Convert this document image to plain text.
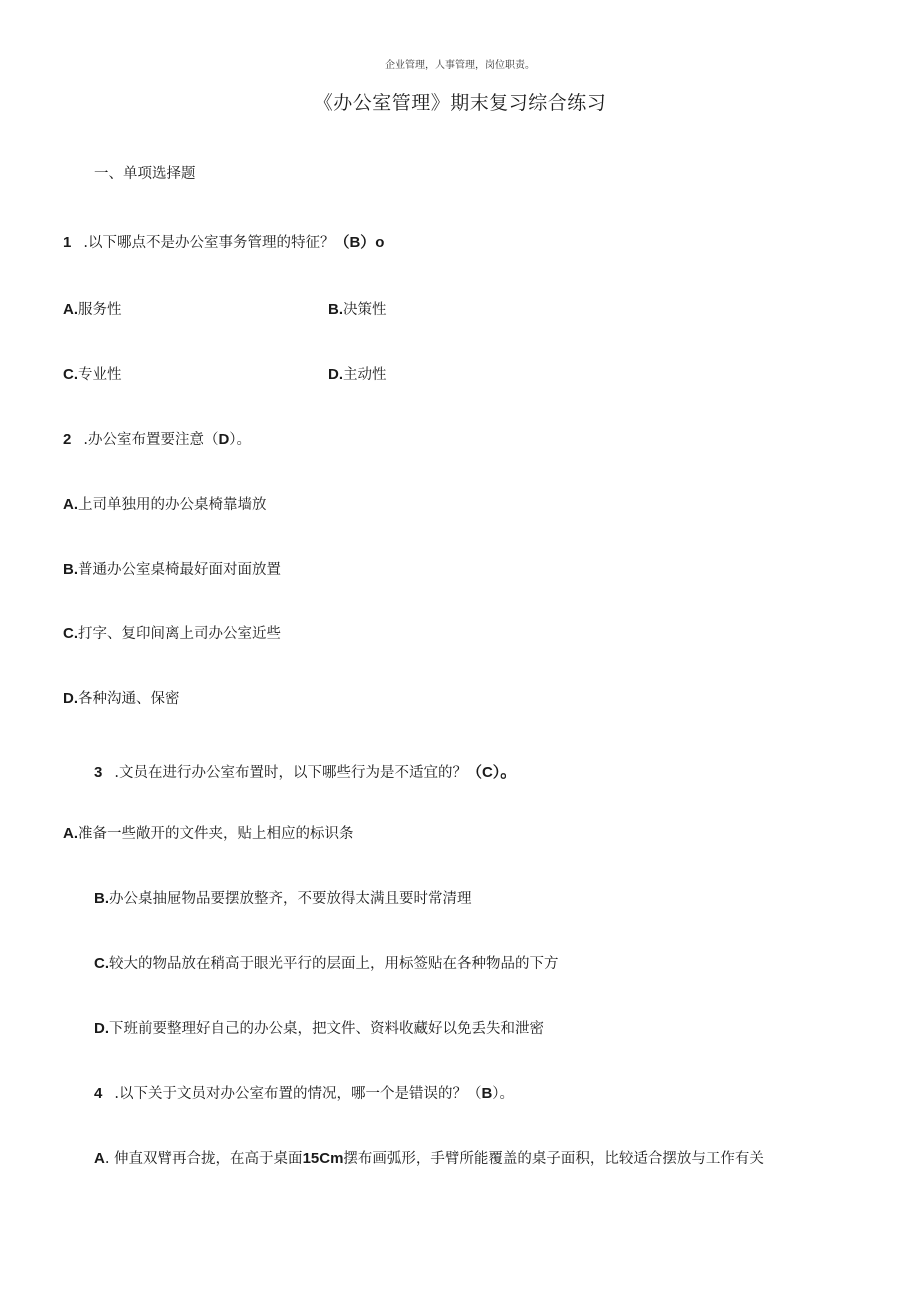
企业管理，人事管理，岗位职责。
《办公室管理》期末复习综合练习
一、单项选择题
1 .以下哪点不是办公室事务管理的特征？（B）o
A.服务性	B.决策性
C.专业性	D.主动性
2 .办公室布置要注意（D）。
A.上司单独用的办公桌椅靠墙放
B.普通办公室桌椅最好面对面放置
C.打字、复印间离上司办公室近些
D.各种沟通、保密
3 .文员在进行办公室布置时，以下哪些行为是不适宜的？（C）。
A.准备一些敞开的文件夹，贴上相应的标识条
B.办公桌抽屉物品要摆放整齐，不要放得太满且要时常清理
C.较大的物品放在稍高于眼光平行的层面上，用标签贴在各种物品的下方
D.下班前要整理好自己的办公桌，把文件、资料收藏好以免丢失和泄密
4 .以下关于文员对办公室布置的情况，哪一个是错误的？（B）。
A. 伸直双臂再合拢，在高于桌面15Cm摆布画弧形，手臂所能覆盖的桌子面积，比较适合摆放与工作有关
